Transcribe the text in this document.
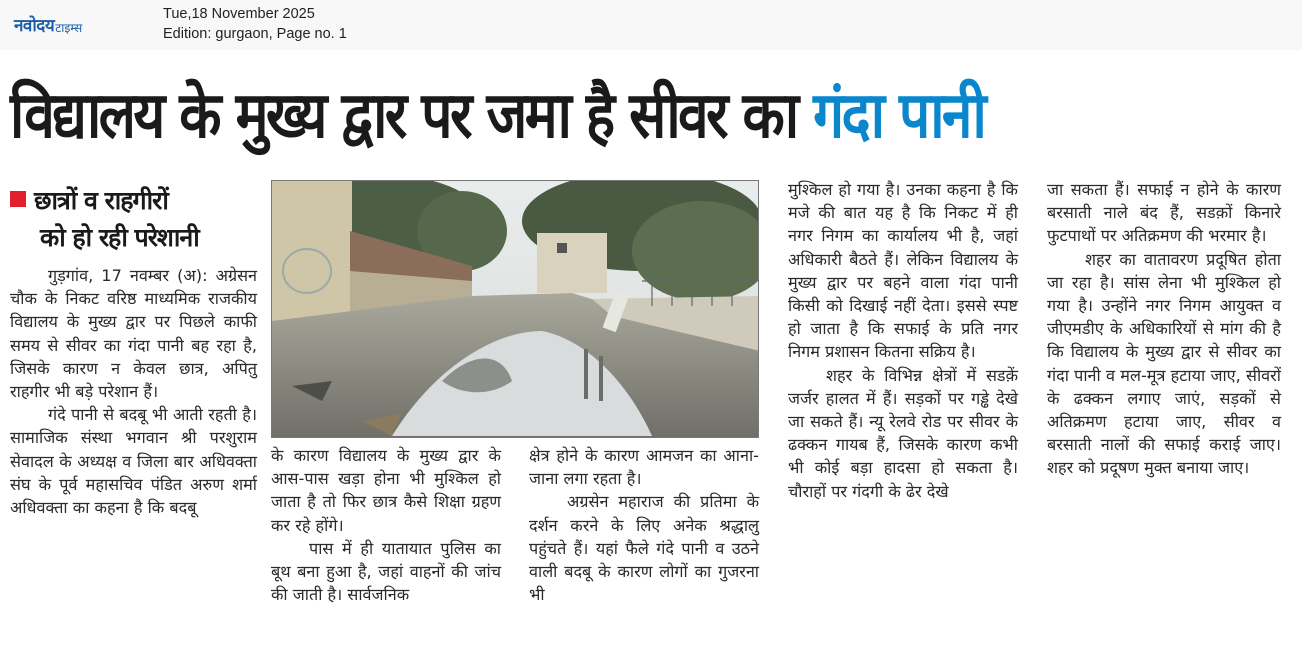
नवोदय टाइम्स
Tue,18 November 2025
Edition: gurgaon, Page no. 1
विद्यालय के मुख्य द्वार पर जमा है सीवर का गंदा पानी
छात्रों व राहगीरों
को हो रही परेशानी

गुड़गांव, 17 नवम्बर (अ): अग्रेसन चौक के निकट वरिष्ठ माध्यमिक राजकीय विद्यालय के मुख्य द्वार पर पिछले काफी समय से सीवर का गंदा पानी बह रहा है, जिसके कारण न केवल छात्र, अपितु राहगीर भी बड़े परेशान हैं।

गंदे पानी से बदबू भी आती रहती है। सामाजिक संस्था भगवान श्री परशुराम सेवादल के अध्यक्ष व जिला बार अधिवक्ता संघ के पूर्व महासचिव पंडित अरुण शर्मा अधिवक्ता का कहना है कि बदबू

के कारण विद्यालय के मुख्य द्वार के आस-पास खड़ा होना भी मुश्किल हो जाता है तो फिर छात्र कैसे शिक्षा ग्रहण कर रहे होंगे।

पास में ही यातायात पुलिस का बूथ बना हुआ है, जहां वाहनों की जांच की जाती है। सार्वजनिक

क्षेत्र होने के कारण आमजन का आना-जाना लगा रहता है।

अग्रसेन महाराज की प्रतिमा के दर्शन करने के लिए अनेक श्रद्धालु पहुंचते हैं। यहां फैले गंदे पानी व उठने वाली बदबू के कारण लोगों का गुजरना भी

मुश्किल हो गया है। उनका कहना है कि मजे की बात यह है कि निकट में ही नगर निगम का कार्यालय भी है, जहां अधिकारी बैठते हैं। लेकिन विद्यालय के मुख्य द्वार पर बहने वाला गंदा पानी किसी को दिखाई नहीं देता। इससे स्पष्ट हो जाता है कि सफाई के प्रति नगर निगम प्रशासन कितना सक्रिय है।

शहर के विभिन्न क्षेत्रों में सडक़ें जर्जर हालत में हैं। सड़कों पर गड्ढे देखे जा सकते हैं। न्यू रेलवे रोड पर सीवर के ढक्कन गायब हैं, जिसके कारण कभी भी कोई बड़ा हादसा हो सकता है। चौराहों पर गंदगी के ढेर देखे

जा सकता हैं। सफाई न होने के कारण बरसाती नाले बंद हैं, सडक़ों किनारे फुटपाथों पर अतिक्रमण की भरमार है।

शहर का वातावरण प्रदूषित होता जा रहा है। सांस लेना भी मुश्किल हो गया है। उन्होंने नगर निगम आयुक्त व जीएमडीए के अधिकारियों से मांग की है कि विद्यालय के मुख्य द्वार से सीवर का गंदा पानी व मल-मूत्र हटाया जाए, सीवरों के ढक्कन लगाए जाएं, सड़कों से अतिक्रमण हटाया जाए, सीवर व बरसाती नालों की सफाई कराई जाए। शहर को प्रदूषण मुक्त बनाया जाए।
